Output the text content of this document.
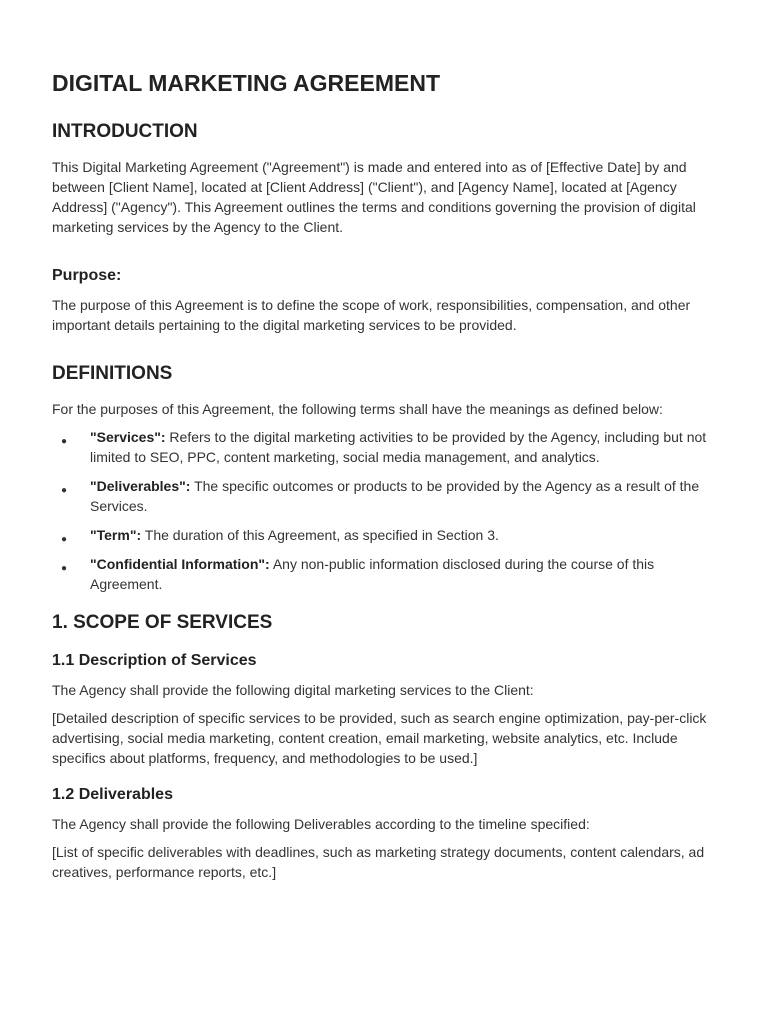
DIGITAL MARKETING AGREEMENT
INTRODUCTION

This Digital Marketing Agreement ("Agreement") is made and entered into as of [Effective Date] by and between [Client Name], located at [Client Address] ("Client"), and [Agency Name], located at [Agency Address] ("Agency"). This Agreement outlines the terms and conditions governing the provision of digital marketing services by the Agency to the Client.

Purpose:

The purpose of this Agreement is to define the scope of work, responsibilities, compensation, and other important details pertaining to the digital marketing services to be provided.

DEFINITIONS

For the purposes of this Agreement, the following terms shall have the meanings as defined below:

● "Services": Refers to the digital marketing activities to be provided by the Agency, including but not limited to SEO, PPC, content marketing, social media management, and analytics.
● "Deliverables": The specific outcomes or products to be provided by the Agency as a result of the Services.
● "Term": The duration of this Agreement, as specified in Section 3.
● "Confidential Information": Any non-public information disclosed during the course of this Agreement.
1. SCOPE OF SERVICES
1.1 Description of Services

The Agency shall provide the following digital marketing services to the Client:

[Detailed description of specific services to be provided, such as search engine optimization, pay-per-click advertising, social media marketing, content creation, email marketing, website analytics, etc. Include specifics about platforms, frequency, and methodologies to be used.]

1.2 Deliverables

The Agency shall provide the following Deliverables according to the timeline specified:

[List of specific deliverables with deadlines, such as marketing strategy documents, content calendars, ad creatives, performance reports, etc.]
